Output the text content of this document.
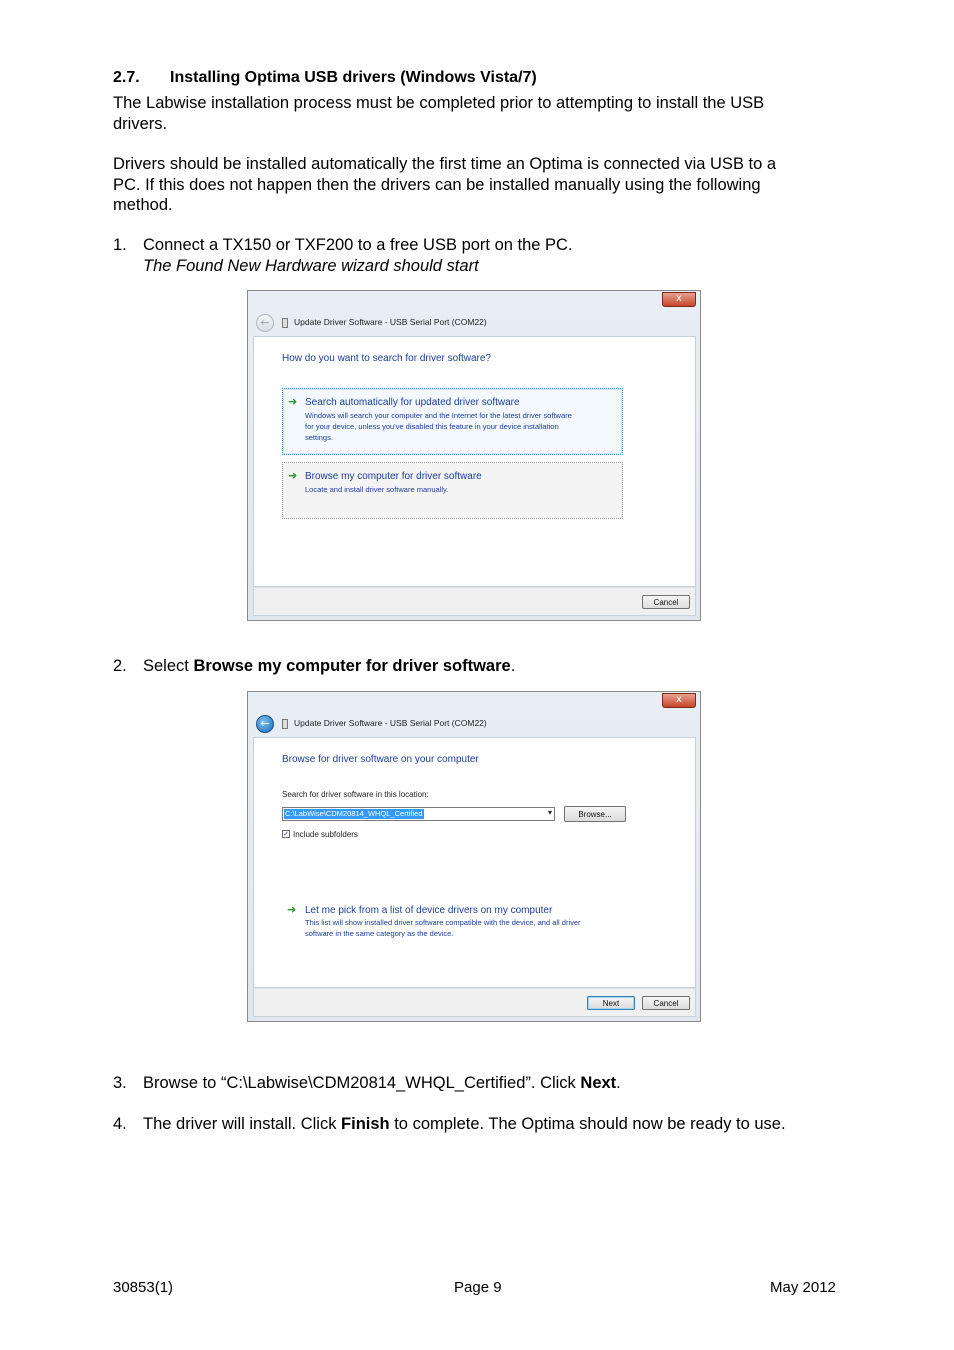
2.7. Installing Optima USB drivers (Windows Vista/7)
The Labwise installation process must be completed prior to attempting to install the USB
drivers.
Drivers should be installed automatically the first time an Optima is connected via USB to a
PC. If this does not happen then the drivers can be installed manually using the following
method.
1. Connect a TX150 or TXF200 to a free USB port on the PC.
The Found New Hardware wizard should start
x
←	Update Driver Software - USB Serial Port (COM22)
How do you want to search for driver software?
➜ Search automatically for updated driver software
Windows will search your computer and the Internet for the latest driver software
for your device, unless you've disabled this feature in your device installation
settings.
➜ Browse my computer for driver software
Locate and install driver software manually.
Cancel
2. Select Browse my computer for driver software.
x
←	Update Driver Software - USB Serial Port (COM22)
Browse for driver software on your computer
Search for driver software in this location:
C:\LabWise\CDM20814_WHQL_Certified	▾	Browse...
✓ Include subfolders
➜ Let me pick from a list of device drivers on my computer
This list will show installed driver software compatible with the device, and all driver
software in the same category as the device.
Next	Cancel
3. Browse to “C:\Labwise\CDM20814_WHQL_Certified”. Click Next.
4. The driver will install. Click Finish to complete. The Optima should now be ready to use.
30853(1)	Page 9	May 2012
